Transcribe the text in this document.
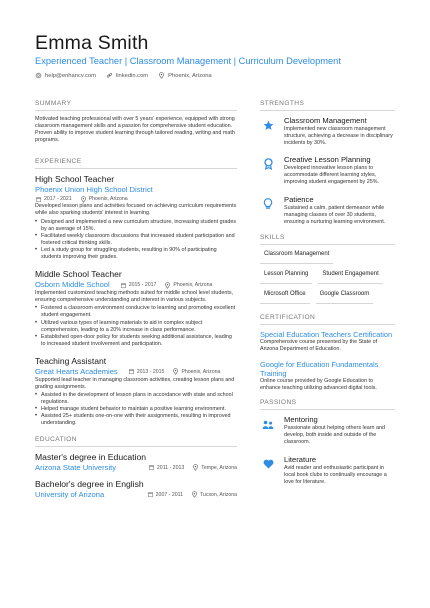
Emma Smith
Experienced Teacher | Classroom Management | Curriculum Development
help@enhancv.com	linkedin.com	Phoenix, Arizona
SUMMARY
Motivated teaching professional with over 5 years' experience, equipped with strong classroom management skills and a passion for comprehensive student education. Proven ability to improve student learning through tailored reading, writing and math programs.
EXPERIENCE
High School Teacher
Phoenix Union High School District
2017 - 2021	Phoenix, Arizona
Developed lesson plans and activities focused on achieving curriculum requirements while also sparking students' interest in learning.
• Designed and implemented a new curriculum structure, increasing student grades by an average of 15%.
• Facilitated weekly classroom discussions that increased student participation and fostered critical thinking skills.
• Led a study group for struggling students, resulting in 90% of participating students improving their grades.
Middle School Teacher
Osborn Middle School	2015 - 2017	Phoenix, Arizona
Implemented customized teaching methods suited for middle school level students, ensuring comprehensive understanding and interest in various subjects.
• Fostered a classroom environment conducive to learning and promoting excellent student engagement.
• Utilized various types of learning materials to aid in complex subject comprehension, leading to a 20% increase in class performance.
• Established open-door policy for students seeking additional assistance, leading to increased student involvement and participation.
Teaching Assistant
Great Hearts Academies	2013 - 2015	Phoenix, Arizona
Supported lead teacher in managing classroom activities, creating lesson plans and grading assignments.
• Assisted in the development of lesson plans in accordance with state and school regulations.
• Helped manage student behavior to maintain a positive learning environment.
• Assisted 25+ students one-on-one with their assignments, resulting in improved understanding.
EDUCATION
Master's degree in Education
Arizona State University	2011 - 2013	Tempe, Arizona
Bachelor's degree in English
University of Arizona	2007 - 2011	Tucson, Arizona
STRENGTHS
Classroom Management
Implemented new classroom management structure, achieving a decrease in disciplinary incidents by 30%.
Creative Lesson Planning
Developed innovative lesson plans to accommodate different learning styles, improving student engagement by 25%.
Patience
Sustained a calm, patient demeanor while managing classes of over 30 students, ensuring a nurturing learning environment.
SKILLS
Classroom Management
Lesson Planning	Student Engagement
Microsoft Office	Google Classroom
CERTIFICATION
Special Education Teachers Certification
Comprehensive course presented by the State of Arizona Department of Education.
Google for Education Fundamentals Training
Online course provided by Google Education to enhance teaching utilizing advanced digital tools.
PASSIONS
Mentoring
Passionate about helping others learn and develop, both inside and outside of the classroom.
Literature
Avid reader and enthusiastic participant in local book clubs to continually encourage a love for literature.
